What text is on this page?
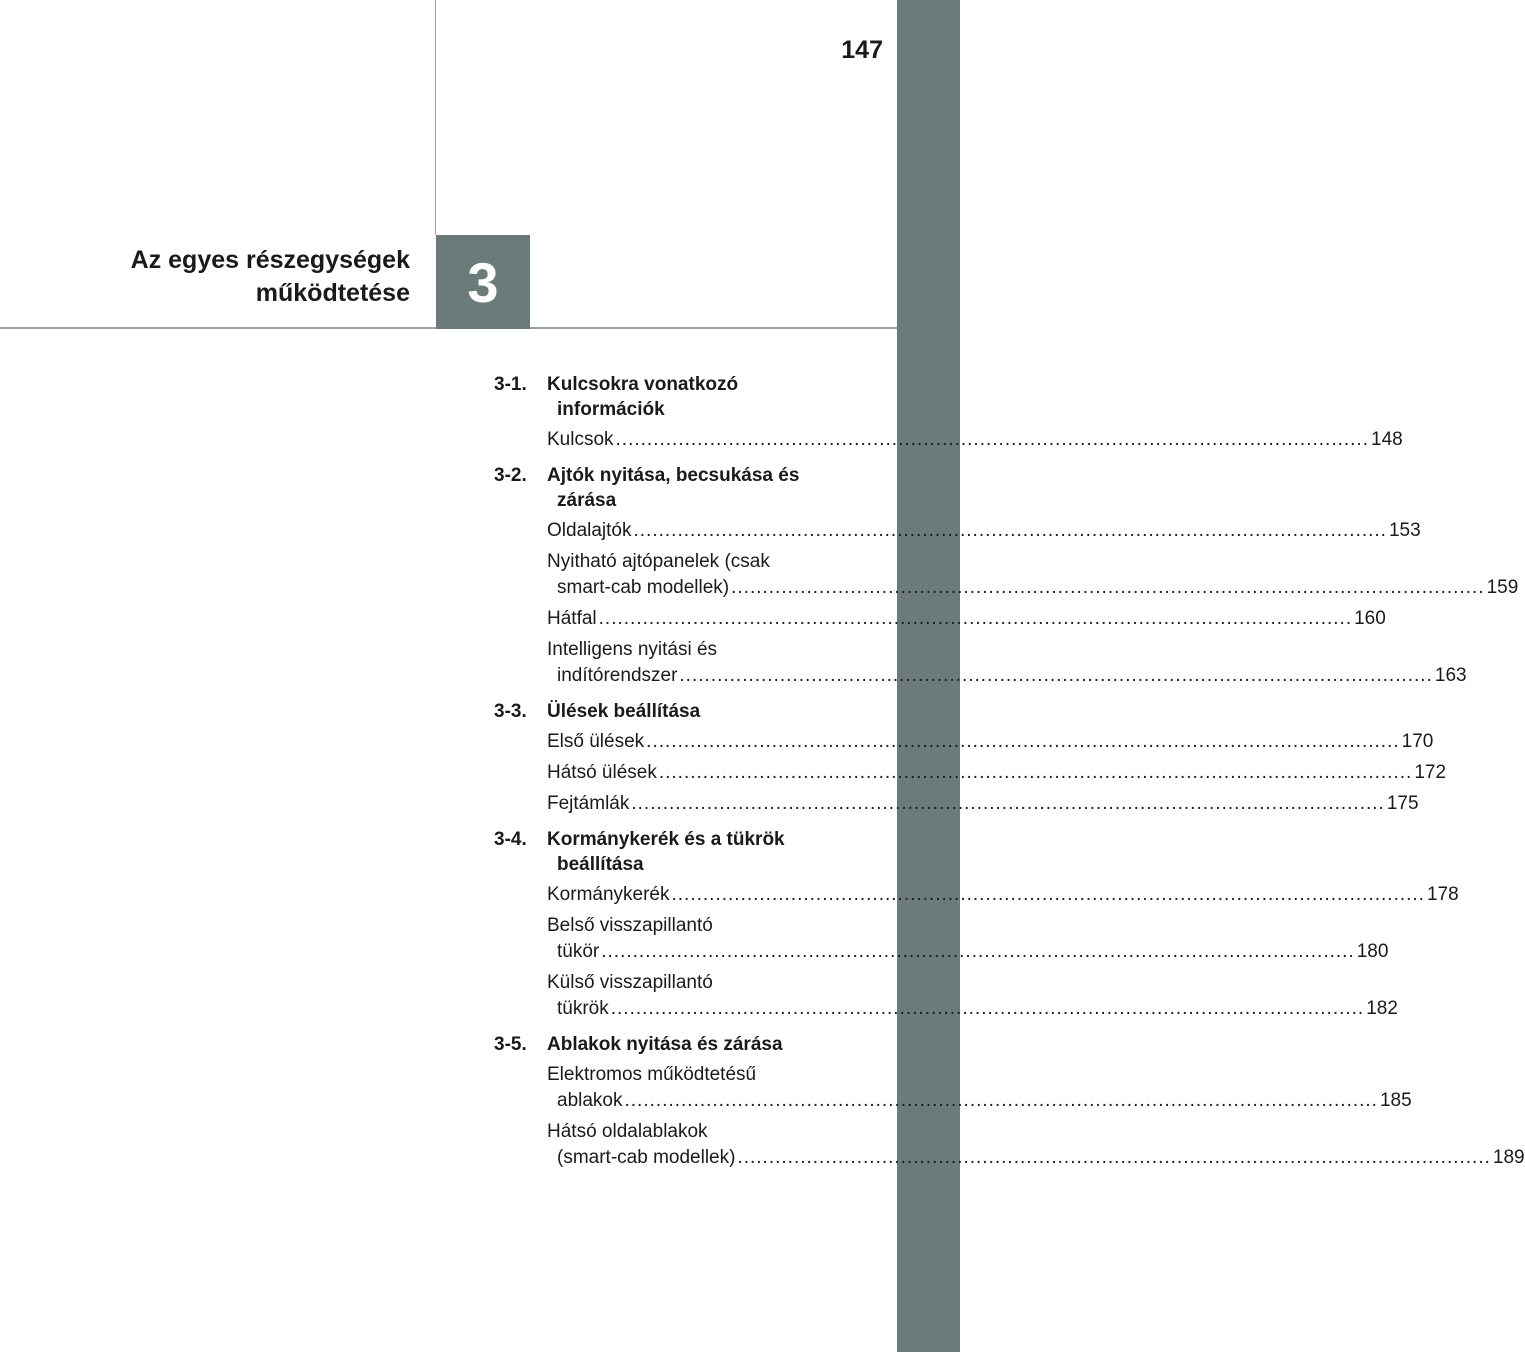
147
Az egyes részegységek
működtetése 3
3-1. Kulcsokra vonatkozó információk
Kulcsok ........................................................................................................................ 148
3-2. Ajtók nyitása, becsukása és zárása
Oldalajtók ........................................................................................................................ 153
Nyitható ajtópanelek (csak
smart-cab modellek) ........................................................................................................................ 159
Hátfal ........................................................................................................................ 160
Intelligens nyitási és
indítórendszer ........................................................................................................................ 163
3-3. Ülések beállítása
Első ülések ........................................................................................................................ 170
Hátsó ülések ........................................................................................................................ 172
Fejtámlák ........................................................................................................................ 175
3-4. Kormánykerék és a tükrök beállítása
Kormánykerék ........................................................................................................................ 178
Belső visszapillantó
tükör ........................................................................................................................ 180
Külső visszapillantó
tükrök ........................................................................................................................ 182
3-5. Ablakok nyitása és zárása
Elektromos működtetésű
ablakok ........................................................................................................................ 185
Hátsó oldalablakok
(smart-cab modellek) ........................................................................................................................ 189
carmanualsonline.info
